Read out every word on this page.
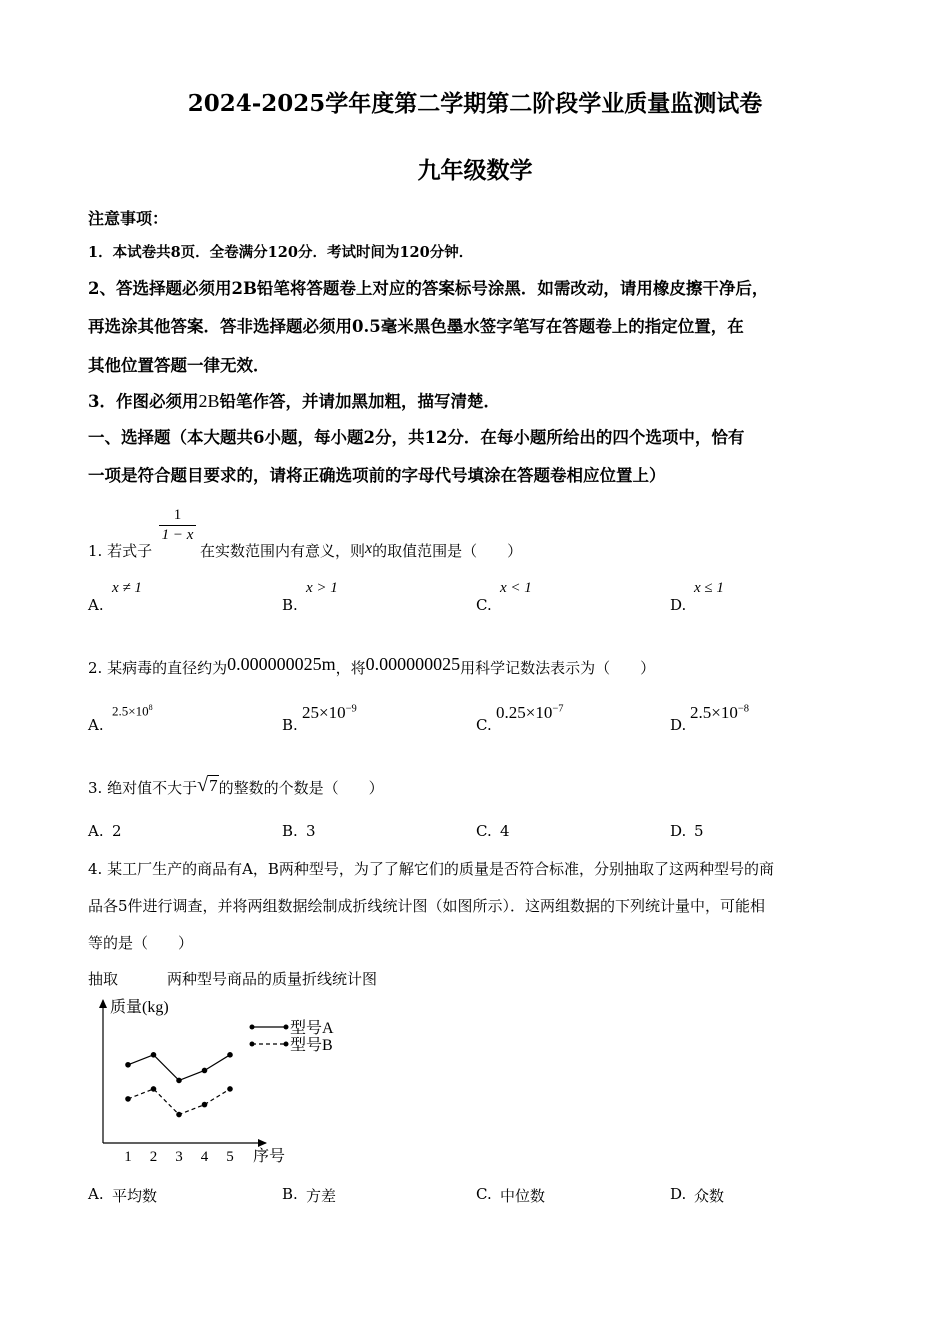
2024-2025学年度第二学期第二阶段学业质量监测试卷
九年级数学
注意事项：
1．本试卷共8页．全卷满分120分．考试时间为120分钟．
2、答选择题必须用2B铅笔将答题卷上对应的答案标号涂黑．如需改动，请用橡皮擦干净后，
再选涂其他答案．答非选择题必须用0.5毫米黑色墨水签字笔写在答题卷上的指定位置，在
其他位置答题一律无效．
3．作图必须用2B铅笔作答，并请加黑加粗，描写清楚．
一、选择题（本大题共6小题，每小题2分，共12分．在每小题所给出的四个选项中，恰有
一项是符合题目要求的，请将正确选项前的字母代号填涂在答题卷相应位置上）
1. 若式子
1
1 − x
在实数范围内有意义，则x的取值范围是（　　）
A.
x ≠ 1
B.
x > 1
C.
x < 1
D.
x ≤ 1
2. 某病毒的直径约为0.000000025m，将0.000000025用科学记数法表示为（　　）
A.
$2.5\times 10^8$
B.
$25\times 10^{-9}$
C.
$0.25\times 10^{-7}$
D.
$2.5\times 10^{-8}$
3. 绝对值不大于√7的整数的个数是（　　）
A. 2	B. 3	C. 4	D. 5
4. 某工厂生产的商品有A，B两种型号，为了了解它们的质量是否符合标准，分别抽取了这两种型号的商
品各5件进行调查，并将两组数据绘制成折线统计图（如图所示）．这两组数据的下列统计量中，可能相
等的是（　　）
抽取	两种型号商品的质量折线统计图
质量(kg)
序号
1 2 3 4 5
型号A
型号B
A. 平均数	B. 方差	C. 中位数	D. 众数
